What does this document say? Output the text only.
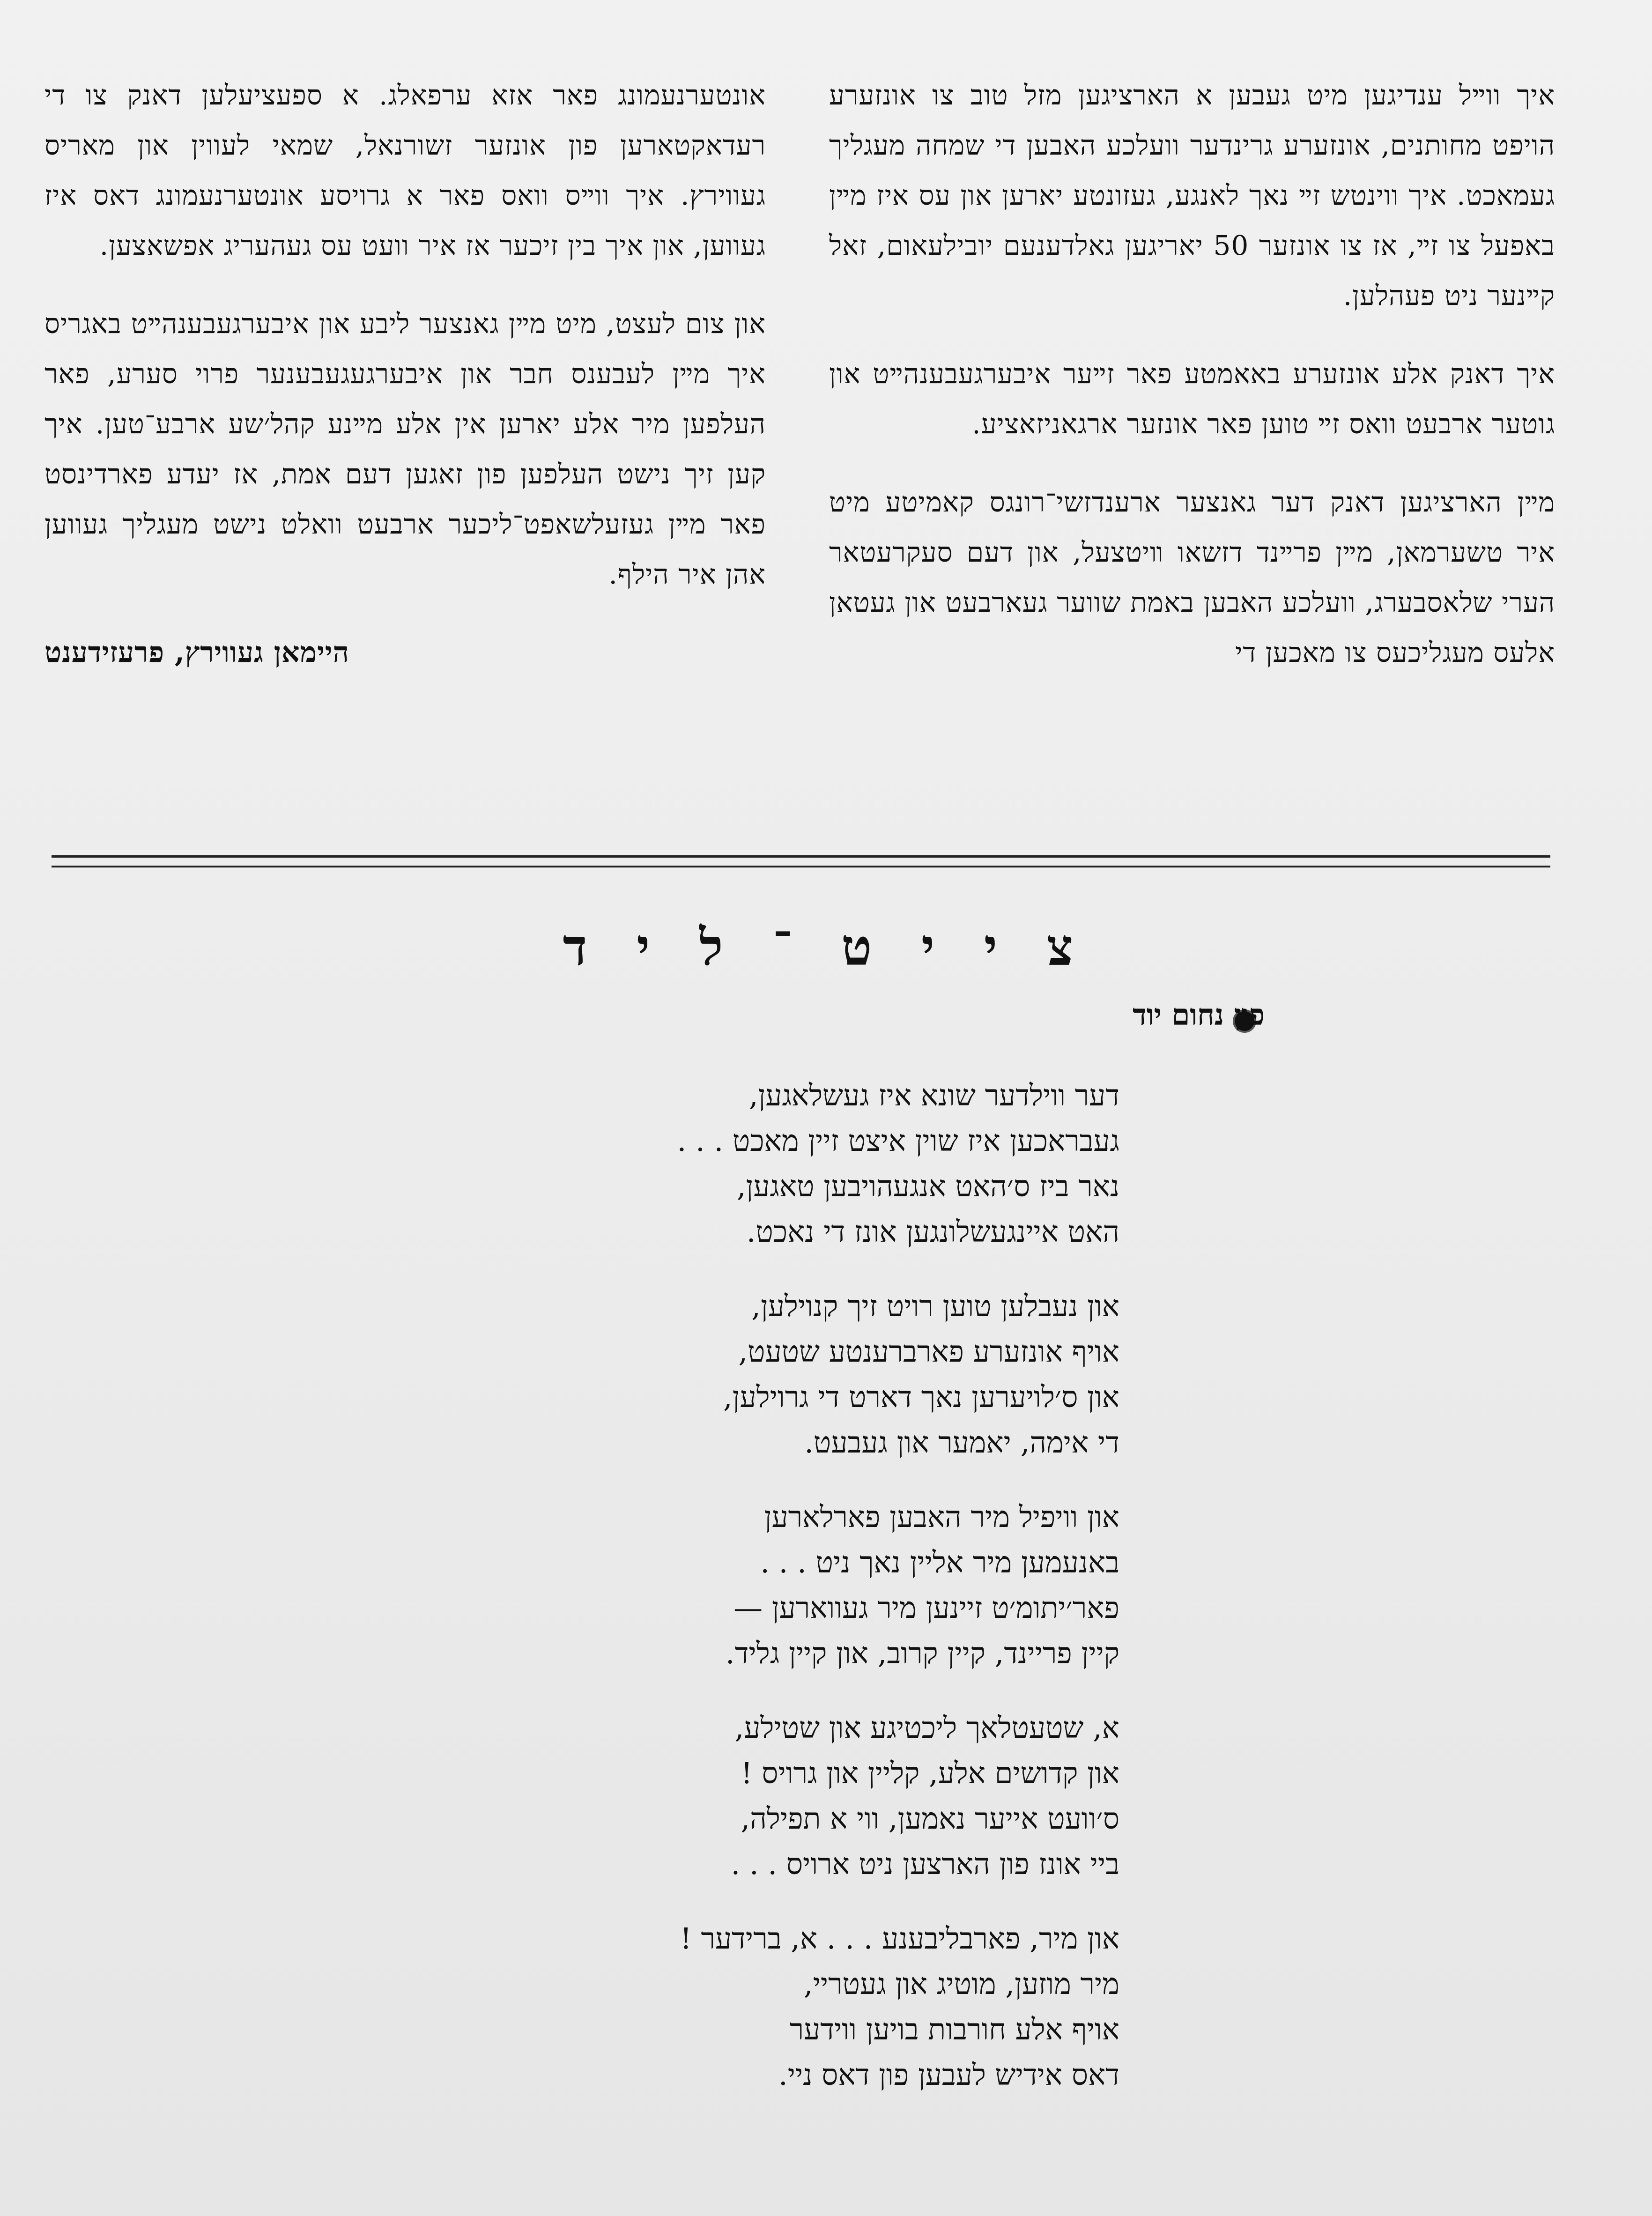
איך ווײל ענדיגען מיט געבען א הארציגען מזל טוב צו אונזערע הויפט מחותנים, אונזערע גרינדער וועלכע האבען די שמחה מעגליך געמאכט. איך ווינטש זײ נאך לאנגע, געזונטע יארען און עס איז מײן באפעל צו זײ, אז צו אונזער 50 יאריגען גאלדענעם יובילעאום, זאל קײנער ניט פעהלען.

איך דאנק אלע אונזערע באאמטע פאר זײער איבערגעבענהײט און גוטער ארבעט וואס זײ טוען פאר אונזער ארגאניזאציע.

מײן הארציגען דאנק דער גאנצער ארענדזשי־רונגס קאמיטע מיט איר טשערמאן, מײן פרײנד דזשאו װיטצעל, און דעם סעקרעטאר הערי שלאסבערג, וועלכע האבען באמת שווער געארבעט און געטאן אלעס מעגליכעס צו מאכען די

אונטערנעמונג פאר אזא ערפאלג. א ספעציעלען דאנק צו די רעדאקטארען פון אונזער זשורנאל, שמאי לעווין און מאריס געווירץ. איך ווײס וואס פאר א גרויסע אונטערנעמונג דאס איז געווען, און איך בין זיכער אז איר וועט עס געהעריג אפשאצען.

און צום לעצט, מיט מײן גאנצער ליבע און איבערגעבענהײט באגריס איך מײן לעבענס חבר און איבערגעגעבענער פרוי סערע, פאר העלפען מיר אלע יארען אין אלע מײנע קהל׳שע ארבע־טען. איך קען זיך נישט העלפען פון זאגען דעם אמת, אז יעדע פארדינסט פאר מײן געזעלשאפט־ליכער ארבעט וואלט נישט מעגליך געווען אהן איר הילף.

היימאן געווירץ, פרעזידענט
צ י י ט ־ ל י ד
פון נחום יוד
דער ווילדער שונא איז געשלאגען,
געבראכען איז שוין איצט זיין מאכט . . .
נאר ביז ס׳האט אנגעהויבען טאגען,
האט איינגעשלונגען אונז די נאכט.
און נעבלען טוען רויט זיך קנוילען,
אויף אונזערע פארברענטע שטעט,
און ס׳לויערען נאך דארט די גרוילען,
די אימה, יאמער און געבעט.
און וויפיל מיר האבען פארלארען
באנעמען מיר אליין נאך ניט . . .
פאר׳יתומ׳ט זיינען מיר געווארען —
קיין פריינד, קיין קרוב, און קיין גליד.
א, שטעטלאך ליכטיגע און שטילע,
און קדושים אלע, קליין און גרויס !
ס׳וועט אייער נאמען, ווי א תפילה,
ביי אונז פון הארצען ניט ארויס . . .
און מיר, פארבליבענע . . . א, ברידער !
מיר מוזען, מוטיג און געטריי,
אויף אלע חורבות בויען ווידער
דאס אידיש לעבען פון דאס ניי.
